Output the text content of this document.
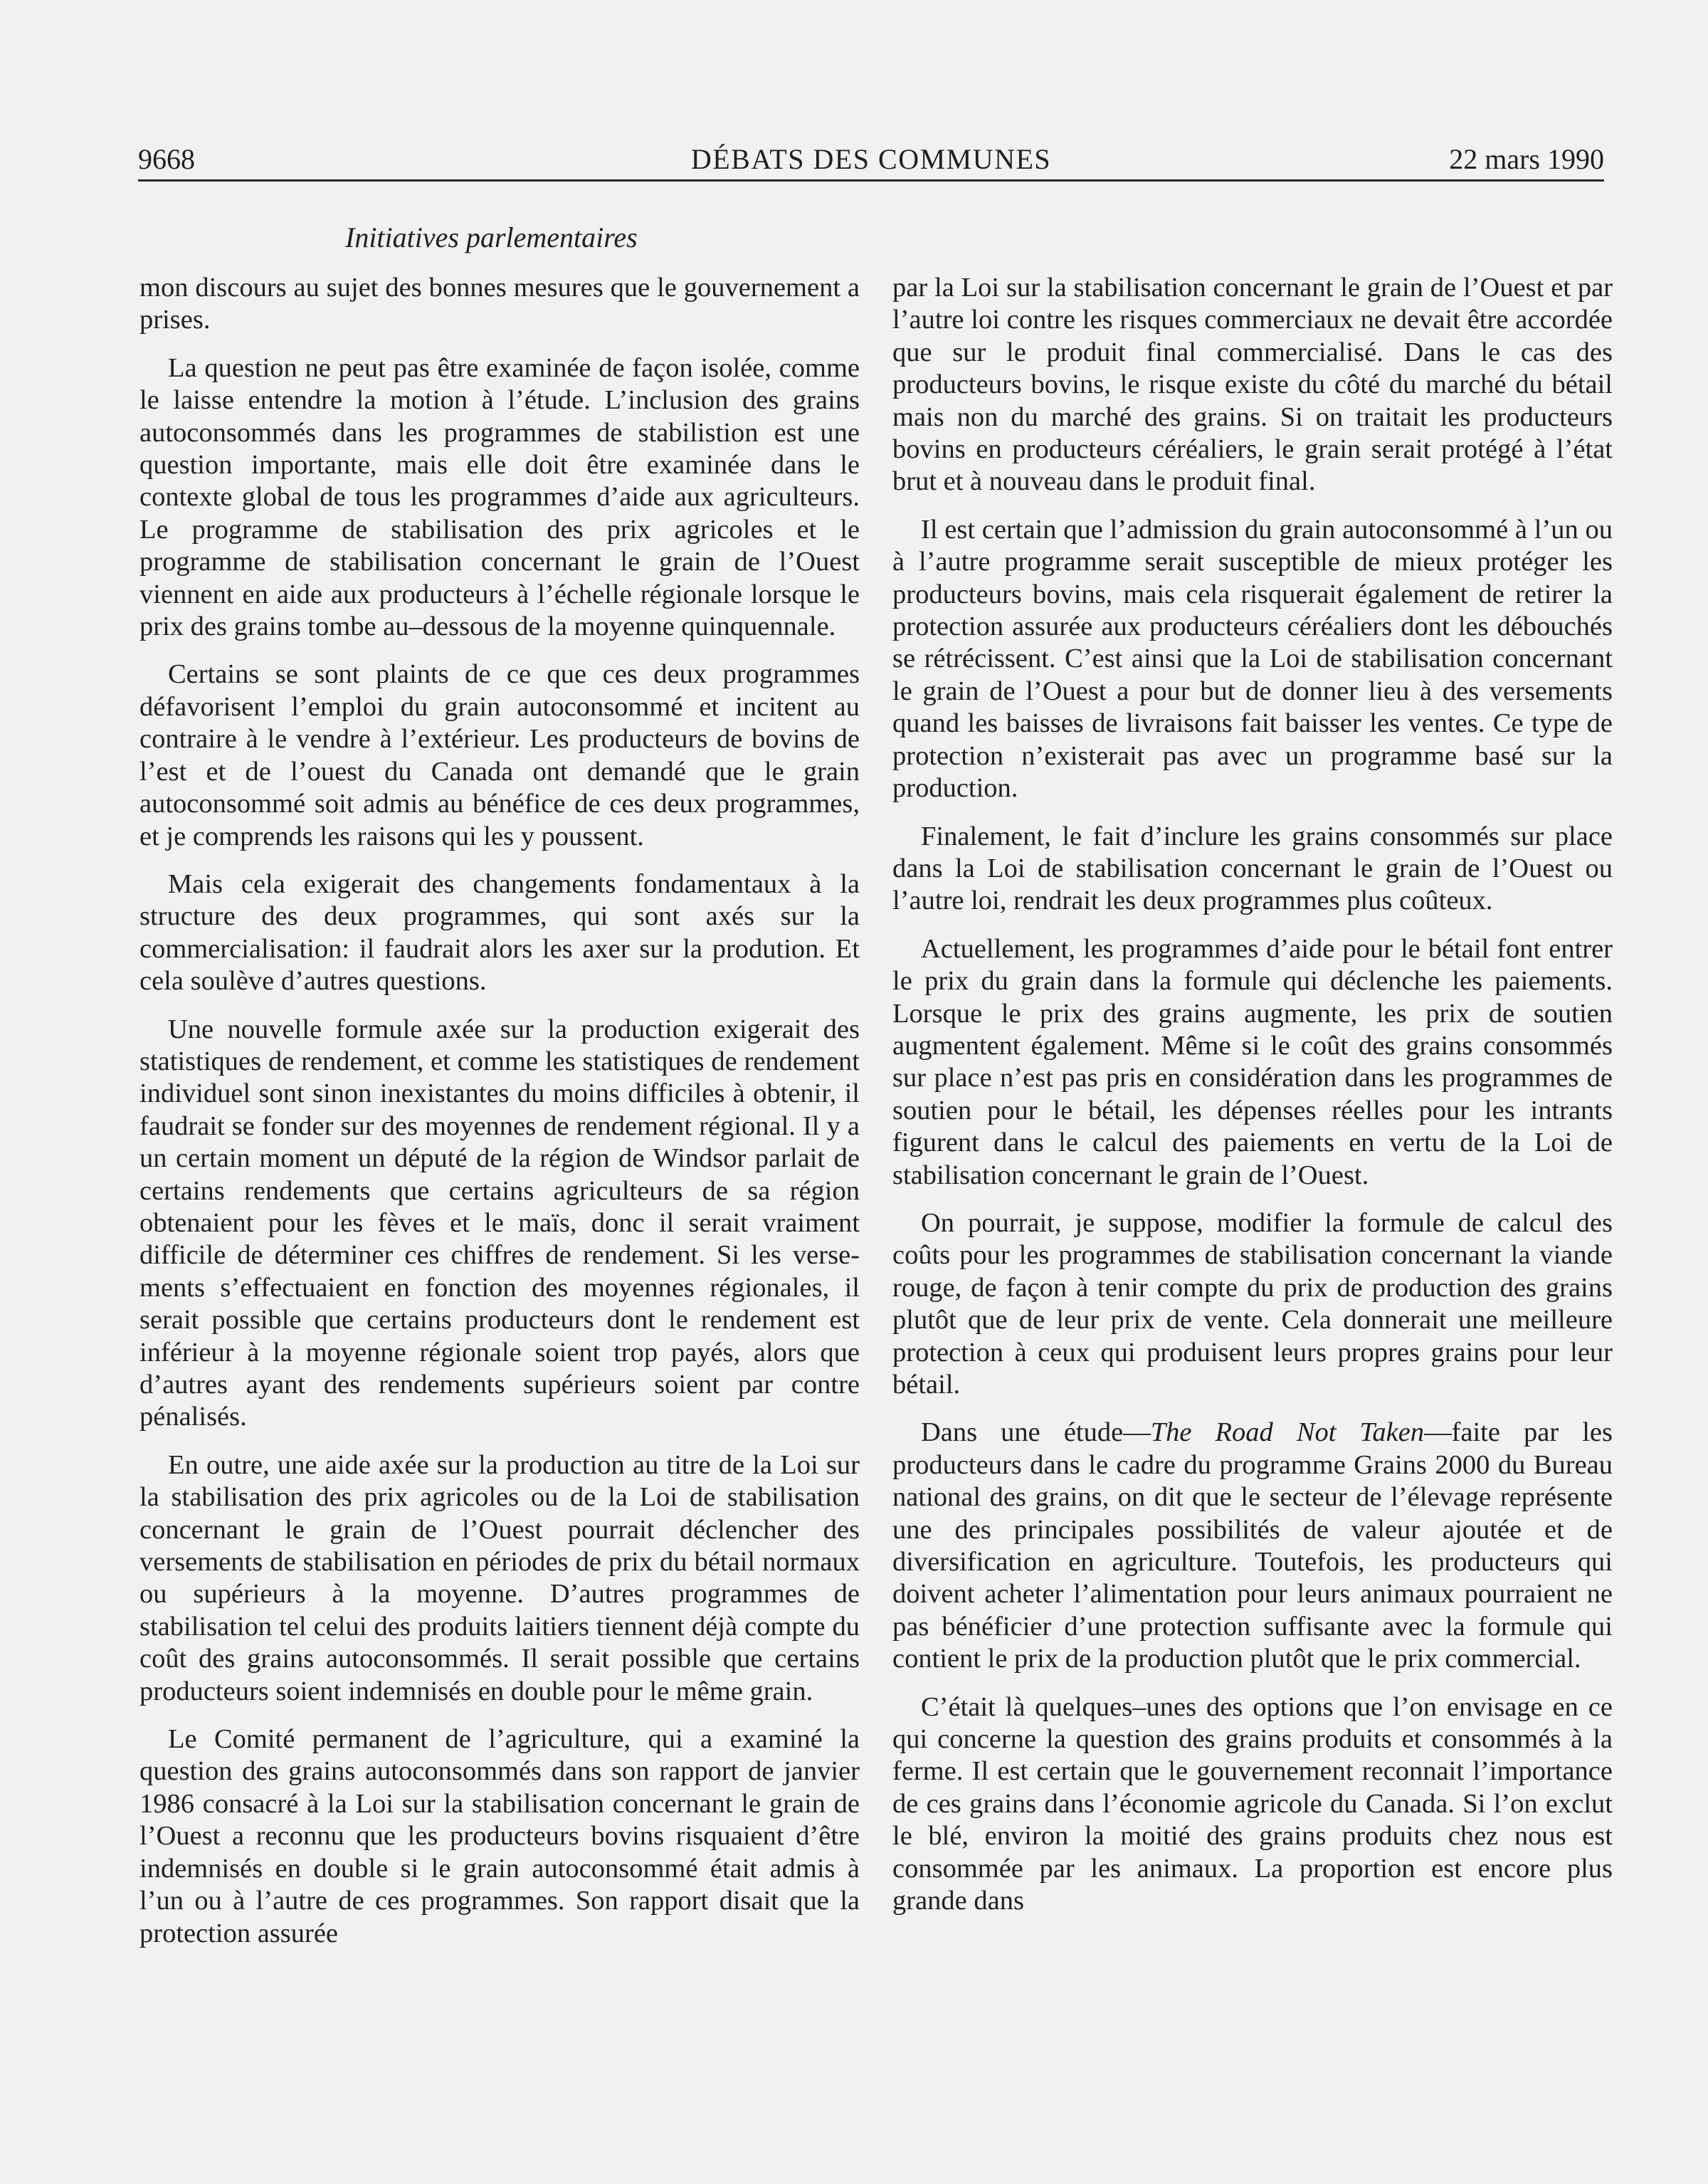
9668	DÉBATS DES COMMUNES	22 mars 1990
Initiatives parlementaires

mon discours au sujet des bonnes mesures que le gouvernement a prises.

La question ne peut pas être examinée de façon isolée, comme le laisse entendre la motion à l’étude. L’inclusion des grains autoconsommés dans les programmes de stabilistion est une question importante, mais elle doit être examinée dans le contexte global de tous les programmes d’aide aux agriculteurs. Le programme de stabilisation des prix agricoles et le programme de stabilisation concernant le grain de l’Ouest viennent en aide aux producteurs à l’échelle régionale lorsque le prix des grains tombe au–dessous de la moyenne quinquennale.

Certains se sont plaints de ce que ces deux programmes défavorisent l’emploi du grain autoconsommé et incitent au contraire à le vendre à l’extérieur. Les producteurs de bovins de l’est et de l’ouest du Canada ont demandé que le grain autoconsommé soit admis au bénéfice de ces deux programmes, et je comprends les raisons qui les y poussent.

Mais cela exigerait des changements fondamentaux à la structure des deux programmes, qui sont axés sur la commercialisation: il faudrait alors les axer sur la prodution. Et cela soulève d’autres questions.

Une nouvelle formule axée sur la production exigerait des statistiques de rendement, et comme les statistiques de rendement individuel sont sinon inexistantes du moins difficiles à obtenir, il faudrait se fonder sur des moyennes de rendement régional. Il y a un certain moment un député de la région de Windsor parlait de certains rendements que certains agriculteurs de sa région obtenaient pour les fèves et le maïs, donc il serait vraiment difficile de déterminer ces chiffres de rendement. Si les versements s’effectuaient en fonction des moyennes régionales, il serait possible que certains producteurs dont le rendement est inférieur à la moyenne régionale soient trop payés, alors que d’autres ayant des rendements supérieurs soient par contre pénalisés.

En outre, une aide axée sur la production au titre de la Loi sur la stabilisation des prix agricoles ou de la Loi de stabilisation concernant le grain de l’Ouest pourrait déclencher des versements de stabilisation en périodes de prix du bétail normaux ou supérieurs à la moyenne. D’autres programmes de stabilisation tel celui des produits laitiers tiennent déjà compte du coût des grains autoconsommés. Il serait possible que certains producteurs soient indemnisés en double pour le même grain.

Le Comité permanent de l’agriculture, qui a examiné la question des grains autoconsommés dans son rapport de janvier 1986 consacré à la Loi sur la stabilisation concernant le grain de l’Ouest a reconnu que les producteurs bovins risquaient d’être indemnisés en double si le grain autoconsommé était admis à l’un ou à l’autre de ces programmes. Son rapport disait que la protection assurée

par la Loi sur la stabilisation concernant le grain de l’Ouest et par l’autre loi contre les risques commerciaux ne devait être accordée que sur le produit final commercialisé. Dans le cas des producteurs bovins, le risque existe du côté du marché du bétail mais non du marché des grains. Si on traitait les producteurs bovins en producteurs céréaliers, le grain serait protégé à l’état brut et à nouveau dans le produit final.

Il est certain que l’admission du grain autoconsommé à l’un ou à l’autre programme serait susceptible de mieux protéger les producteurs bovins, mais cela risquerait également de retirer la protection assurée aux producteurs céréaliers dont les débouchés se rétrécissent. C’est ainsi que la Loi de stabilisation concernant le grain de l’Ouest a pour but de donner lieu à des versements quand les baisses de livraisons fait baisser les ventes. Ce type de protection n’existerait pas avec un programme basé sur la production.

Finalement, le fait d’inclure les grains consommés sur place dans la Loi de stabilisation concernant le grain de l’Ouest ou l’autre loi, rendrait les deux programmes plus coûteux.

Actuellement, les programmes d’aide pour le bétail font entrer le prix du grain dans la formule qui déclenche les paiements. Lorsque le prix des grains augmente, les prix de soutien augmentent également. Même si le coût des grains consommés sur place n’est pas pris en considération dans les programmes de soutien pour le bétail, les dépenses réelles pour les intrants figurent dans le calcul des paiements en vertu de la Loi de stabilisation concernant le grain de l’Ouest.

On pourrait, je suppose, modifier la formule de calcul des coûts pour les programmes de stabilisation concernant la viande rouge, de façon à tenir compte du prix de production des grains plutôt que de leur prix de vente. Cela donnerait une meilleure protection à ceux qui produisent leurs propres grains pour leur bétail.

Dans une étude—The Road Not Taken—faite par les producteurs dans le cadre du programme Grains 2000 du Bureau national des grains, on dit que le secteur de l’élevage représente une des principales possibilités de valeur ajoutée et de diversification en agriculture. Toutefois, les producteurs qui doivent acheter l’alimentation pour leurs animaux pourraient ne pas bénéficier d’une protection suffisante avec la formule qui contient le prix de la production plutôt que le prix commercial.

C’était là quelques–unes des options que l’on envisage en ce qui concerne la question des grains produits et consommés à la ferme. Il est certain que le gouvernement reconnait l’importance de ces grains dans l’économie agricole du Canada. Si l’on exclut le blé, environ la moitié des grains produits chez nous est consommée par les animaux. La proportion est encore plus grande dans
